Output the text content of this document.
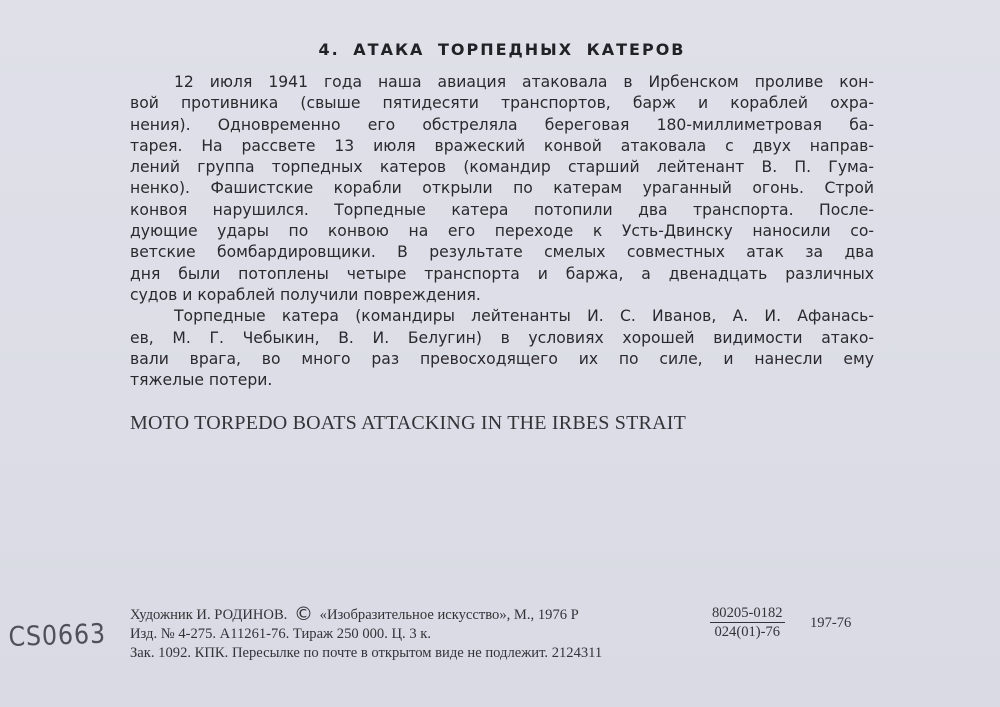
4. АТАКА ТОРПЕДНЫХ КАТЕРОВ
12 июля 1941 года наша авиация атаковала в Ирбенском проливе кон-
вой противника (свыше пятидесяти транспортов, барж и кораблей охра-
нения). Одновременно его обстреляла береговая 180-миллиметровая ба-
тарея. На рассвете 13 июля вражеский конвой атаковала с двух направ-
лений группа торпедных катеров (командир старший лейтенант В. П. Гума-
ненко). Фашистские корабли открыли по катерам ураганный огонь. Строй
конвоя нарушился. Торпедные катера потопили два транспорта. После-
дующие удары по конвою на его переходе к Усть-Двинску наносили со-
ветские бомбардировщики. В результате смелых совместных атак за два
дня были потоплены четыре транспорта и баржа, а двенадцать различных
судов и кораблей получили повреждения.
Торпедные катера (командиры лейтенанты И. С. Иванов, А. И. Афанась-
ев, М. Г. Чебыкин, В. И. Белугин) в условиях хорошей видимости атако-
вали врага, во много раз превосходящего их по силе, и нанесли ему
тяжелые потери.
MOTO TORPEDO BOATS ATTACKING IN THE IRBES STRAIT
CS0663
Художник И. РОДИНОВ. © «Изобразительное искусство», М., 1976 Р	$\frac{80205-0182}{024(01)-76} 197-76$
Изд. № 4-275. А11261-76. Тираж 250 000. Ц. 3 к.
Зак. 1092. КПК. Пересылке по почте в открытом виде не подлежит. 2124311
